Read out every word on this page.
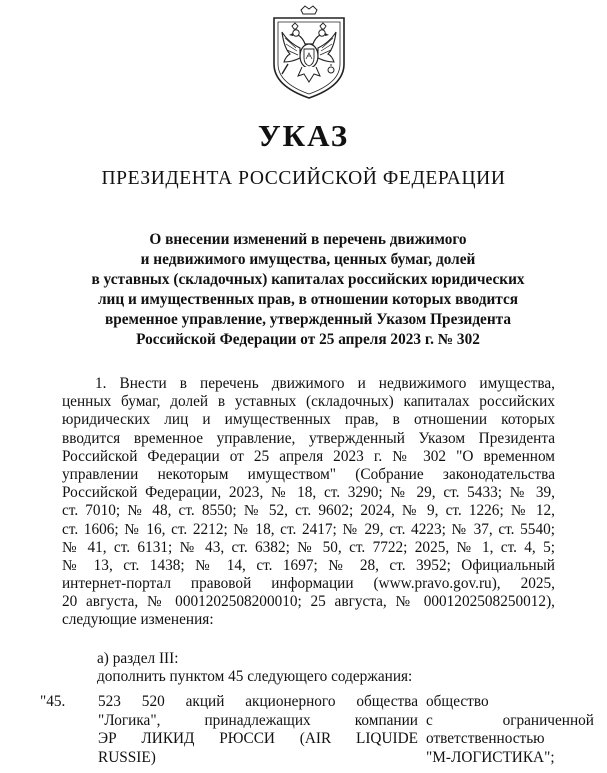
УКАЗ
ПРЕЗИДЕНТА РОССИЙСКОЙ ФЕДЕРАЦИИ
О внесении изменений в перечень движимого
и недвижимого имущества, ценных бумаг, долей
в уставных (складочных) капиталах российских юридических
лиц и имущественных прав, в отношении которых вводится
временное управление, утвержденный Указом Президента
Российской Федерации от 25 апреля 2023 г. № 302
1. Внести в перечень движимого и недвижимого имущества,
ценных бумаг, долей в уставных (складочных) капиталах российских
юридических лиц и имущественных прав, в отношении которых
вводится временное управление, утвержденный Указом Президента
Российской Федерации от 25 апреля 2023 г. № 302 "О временном
управлении некоторым имуществом" (Собрание законодательства
Российской Федерации, 2023, № 18, ст. 3290; № 29, ст. 5433; № 39,
ст. 7010; № 48, ст. 8550; № 52, ст. 9602; 2024, № 9, ст. 1226; № 12,
ст. 1606; № 16, ст. 2212; № 18, ст. 2417; № 29, ст. 4223; № 37, ст. 5540;
№ 41, ст. 6131; № 43, ст. 6382; № 50, ст. 7722; 2025, № 1, ст. 4, 5;
№ 13, ст. 1438; № 14, ст. 1697; № 28, ст. 3952; Официальный
интернет-портал правовой информации (www.pravo.gov.ru), 2025,
20 августа, № 0001202508200010; 25 августа, № 0001202508250012),
следующие изменения:
а) раздел III:
дополнить пунктом 45 следующего содержания:
"45. 523 520 акций акционерного общества
"Логика", принадлежащих компании
ЭР ЛИКИД РЮССИ (AIR LIQUIDE
RUSSIE)
общество
с ограниченной
ответственностью
"М-ЛОГИСТИКА";
